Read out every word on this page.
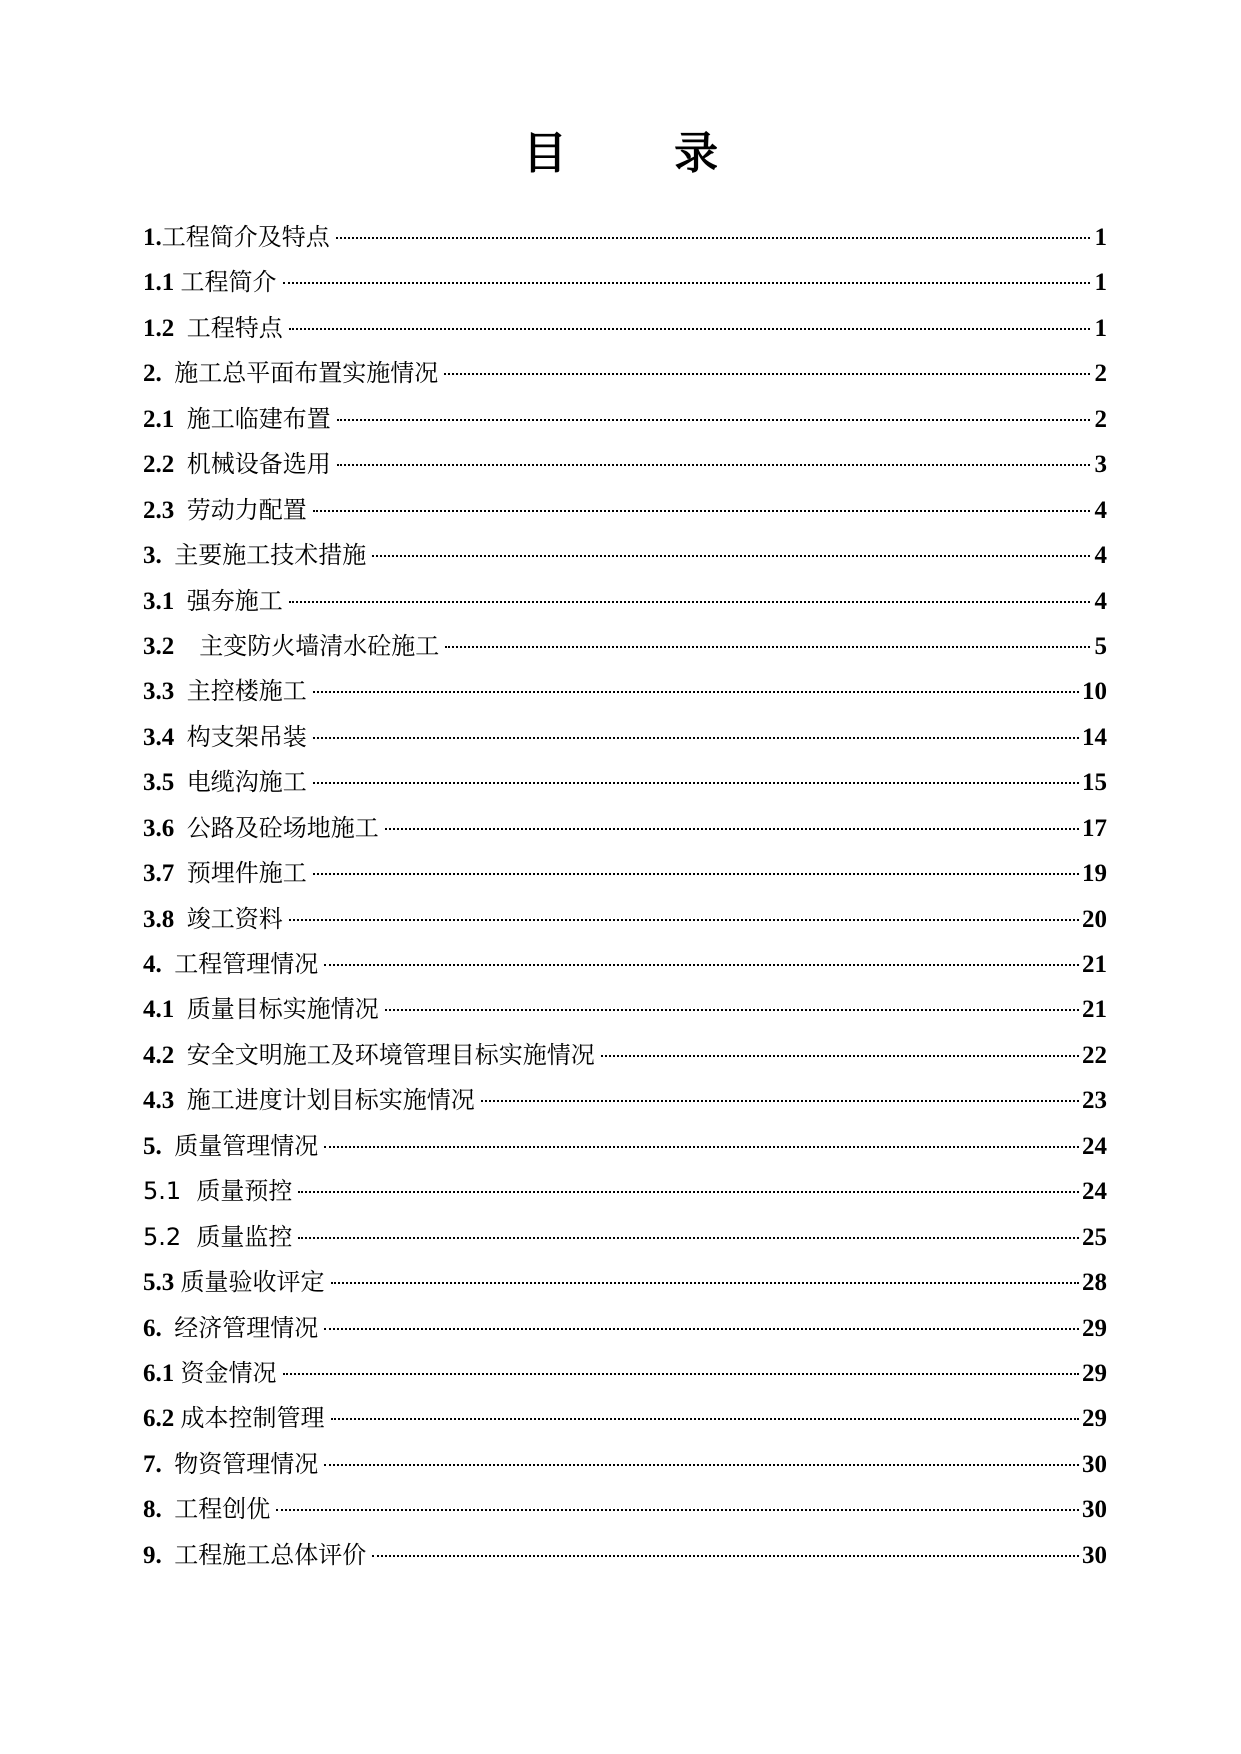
目 录
1. 工程简介及特点	1
1.1 工程简介	1
1.2 工程特点	1
2. 施工总平面布置实施情况	2
2.1 施工临建布置	2
2.2 机械设备选用	3
2.3 劳动力配置	4
3. 主要施工技术措施	4
3.1 强夯施工	4
3.2 主变防火墙清水砼施工	5
3.3 主控楼施工	10
3.4 构支架吊装	14
3.5 电缆沟施工	15
3.6 公路及砼场地施工	17
3.7 预埋件施工	19
3.8 竣工资料	20
4. 工程管理情况	21
4.1 质量目标实施情况	21
4.2 安全文明施工及环境管理目标实施情况	22
4.3 施工进度计划目标实施情况	23
5. 质量管理情况	24
5.1  质量预控	24
5.2  质量监控	25
5.3 质量验收评定	28
6. 经济管理情况	29
6.1 资金情况	29
6.2 成本控制管理	29
7. 物资管理情况	30
8. 工程创优	30
9. 工程施工总体评价	30
